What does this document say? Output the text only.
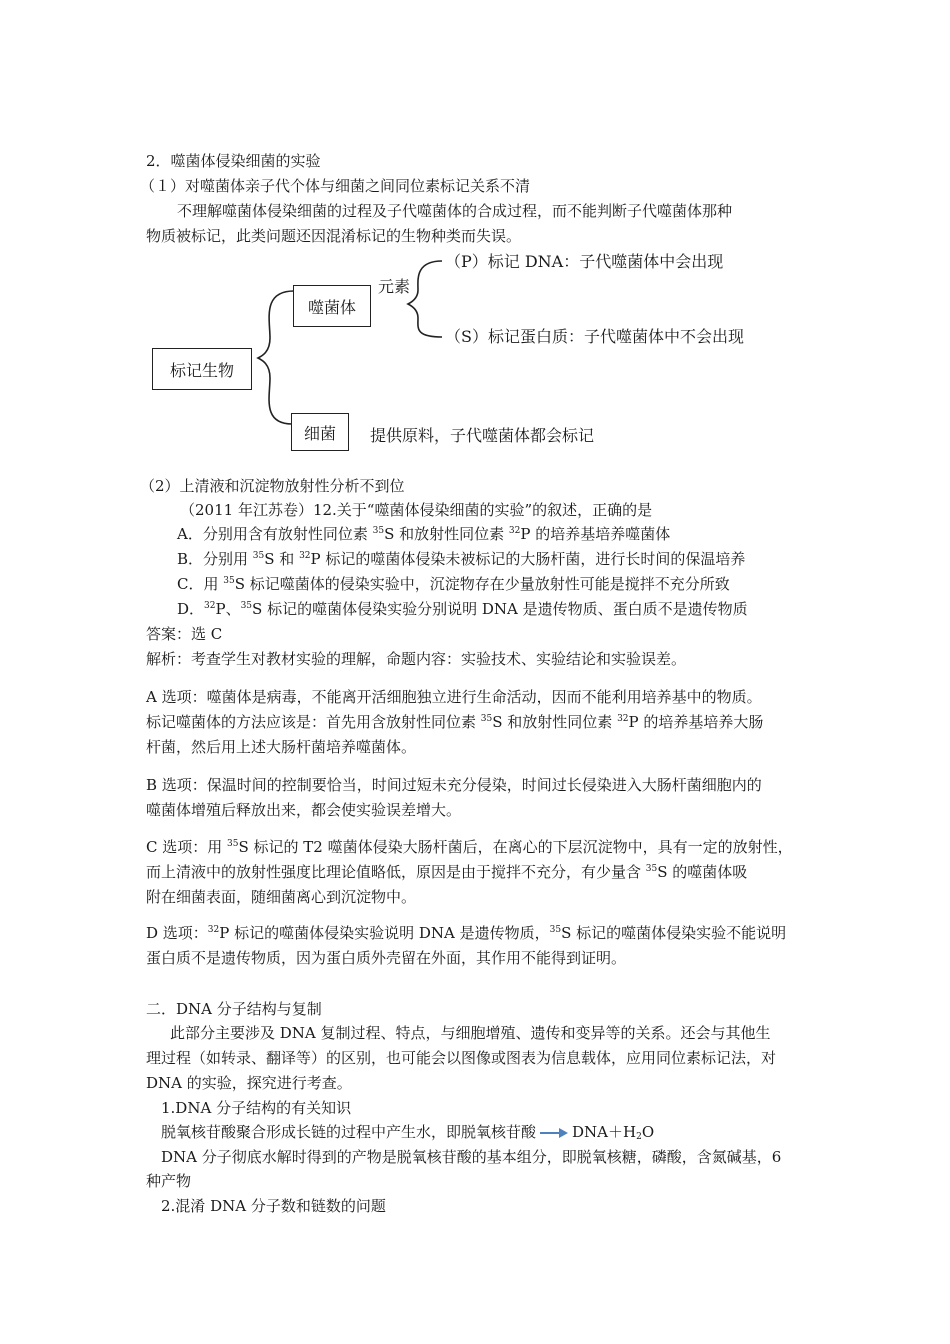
2．噬菌体侵染细菌的实验
（１）对噬菌体亲子代个体与细菌之间同位素标记关系不清
不理解噬菌体侵染细菌的过程及子代噬菌体的合成过程，而不能判断子代噬菌体那种
物质被标记，此类问题还因混淆标记的生物种类而失误。
标记生物
噬菌体
细菌
元素
（P）标记 DNA：子代噬菌体中会出现
（S）标记蛋白质：子代噬菌体中不会出现
提供原料，子代噬菌体都会标记
（2）上清液和沉淀物放射性分析不到位
（2011 年江苏卷）12.关于“噬菌体侵染细菌的实验”的叙述，正确的是
A．分别用含有放射性同位素 $^{35}$S 和放射性同位素 $^{32}$P 的培养基培养噬菌体
B．分别用 $^{35}$S 和 $^{32}$P 标记的噬菌体侵染未被标记的大肠杆菌，进行长时间的保温培养
C．用 $^{35}$S 标记噬菌体的侵染实验中，沉淀物存在少量放射性可能是搅拌不充分所致
D．$^{32}$P、$^{35}$S 标记的噬菌体侵染实验分别说明 DNA 是遗传物质、蛋白质不是遗传物质
答案：选 C
解析：考查学生对教材实验的理解，命题内容：实验技术、实验结论和实验误差。
A 选项：噬菌体是病毒，不能离开活细胞独立进行生命活动，因而不能利用培养基中的物质。
标记噬菌体的方法应该是：首先用含放射性同位素 $^{35}$S 和放射性同位素 $^{32}$P 的培养基培养大肠
杆菌，然后用上述大肠杆菌培养噬菌体。
B 选项：保温时间的控制要恰当，时间过短未充分侵染，时间过长侵染进入大肠杆菌细胞内的
噬菌体增殖后释放出来，都会使实验误差增大。
C 选项：用 $^{35}$S 标记的 T2 噬菌体侵染大肠杆菌后，在离心的下层沉淀物中，具有一定的放射性，
而上清液中的放射性强度比理论值略低，原因是由于搅拌不充分，有少量含 $^{35}$S 的噬菌体吸
附在细菌表面，随细菌离心到沉淀物中。
D 选项：$^{32}$P 标记的噬菌体侵染实验说明 DNA 是遗传物质，$^{35}$S 标记的噬菌体侵染实验不能说明
蛋白质不是遗传物质，因为蛋白质外壳留在外面，其作用不能得到证明。
二．DNA 分子结构与复制
此部分主要涉及 DNA 复制过程、特点，与细胞增殖、遗传和变异等的关系。还会与其他生
理过程（如转录、翻译等）的区别，也可能会以图像或图表为信息载体，应用同位素标记法，对
DNA 的实验，探究进行考查。
1.DNA 分子结构的有关知识
脱氧核苷酸聚合形成长链的过程中产生水，即脱氧核苷酸 $DNA+H_2O$
DNA 分子彻底水解时得到的产物是脱氧核苷酸的基本组分，即脱氧核糖，磷酸，含氮碱基，6
种产物
2.混淆 DNA 分子数和链数的问题
